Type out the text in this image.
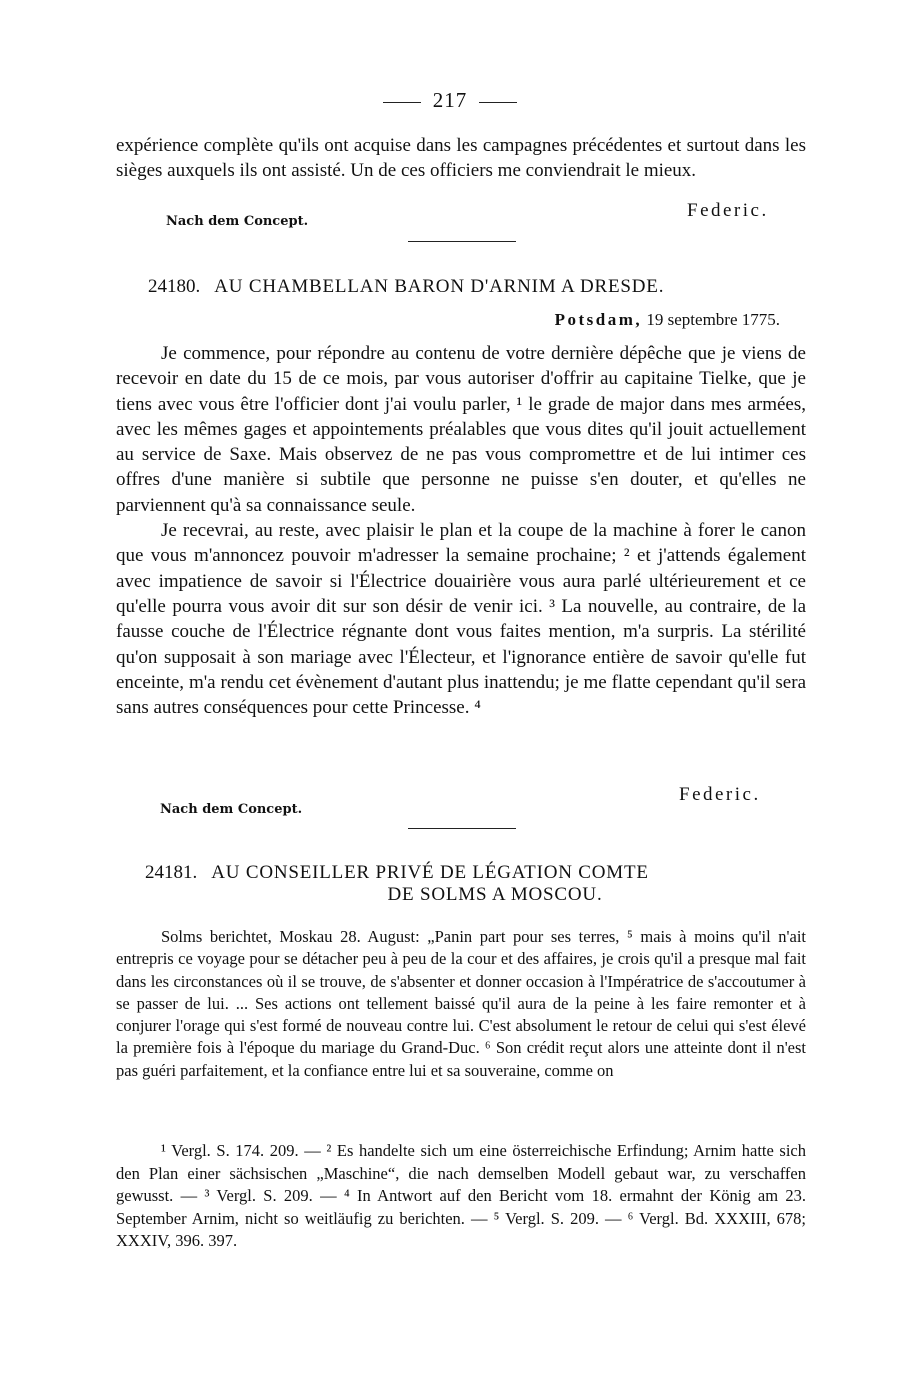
217

expérience complète qu'ils ont acquise dans les campagnes précédentes et surtout dans les sièges auxquels ils ont assisté. Un de ces officiers me conviendrait le mieux.

Nach dem Concept.
Federic.
24180. AU CHAMBELLAN BARON D'ARNIM A DRESDE.
Potsdam, 19 septembre 1775.

Je commence, pour répondre au contenu de votre dernière dépêche que je viens de recevoir en date du 15 de ce mois, par vous autoriser d'offrir au capitaine Tielke, que je tiens avec vous être l'officier dont j'ai voulu parler, ¹ le grade de major dans mes armées, avec les mêmes gages et appointements préalables que vous dites qu'il jouit actuellement au service de Saxe. Mais observez de ne pas vous compromettre et de lui intimer ces offres d'une manière si subtile que personne ne puisse s'en douter, et qu'elles ne parviennent qu'à sa connaissance seule.

Je recevrai, au reste, avec plaisir le plan et la coupe de la machine à forer le canon que vous m'annoncez pouvoir m'adresser la semaine prochaine; ² et j'attends également avec impatience de savoir si l'Électrice douairière vous aura parlé ultérieurement et ce qu'elle pourra vous avoir dit sur son désir de venir ici. ³ La nouvelle, au contraire, de la fausse couche de l'Électrice régnante dont vous faites mention, m'a surpris. La stérilité qu'on supposait à son mariage avec l'Électeur, et l'ignorance entière de savoir qu'elle fut enceinte, m'a rendu cet évènement d'autant plus inattendu; je me flatte cependant qu'il sera sans autres conséquences pour cette Princesse. ⁴

Nach dem Concept.
Federic.
24181. AU CONSEILLER PRIVÉ DE LÉGATION COMTE
DE SOLMS A MOSCOU.

Solms berichtet, Moskau 28. August: „Panin part pour ses terres, ⁵ mais à moins qu'il n'ait entrepris ce voyage pour se détacher peu à peu de la cour et des affaires, je crois qu'il a presque mal fait dans les circonstances où il se trouve, de s'absenter et donner occasion à l'Impératrice de s'accoutumer à se passer de lui. ... Ses actions ont tellement baissé qu'il aura de la peine à les faire remonter et à conjurer l'orage qui s'est formé de nouveau contre lui. C'est absolument le retour de celui qui s'est élevé la première fois à l'époque du mariage du Grand-Duc. ⁶ Son crédit reçut alors une atteinte dont il n'est pas guéri parfaitement, et la confiance entre lui et sa souveraine, comme on

¹ Vergl. S. 174. 209. — ² Es handelte sich um eine österreichische Erfindung; Arnim hatte sich den Plan einer sächsischen „Maschine“, die nach demselben Modell gebaut war, zu verschaffen gewusst. — ³ Vergl. S. 209. — ⁴ In Antwort auf den Bericht vom 18. ermahnt der König am 23. September Arnim, nicht so weitläufig zu berichten. — ⁵ Vergl. S. 209. — ⁶ Vergl. Bd. XXXIII, 678; XXXIV, 396. 397.
